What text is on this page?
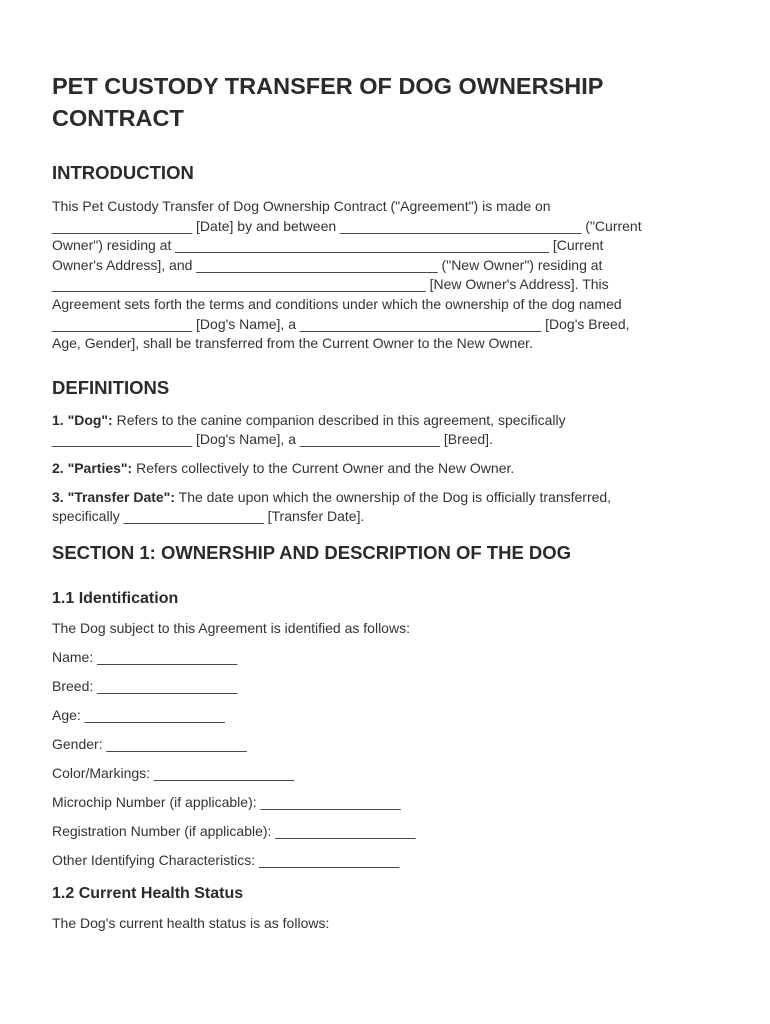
PET CUSTODY TRANSFER OF DOG OWNERSHIP CONTRACT
INTRODUCTION

This Pet Custody Transfer of Dog Ownership Contract ("Agreement") is made on
__________________ [Date] by and between _______________________________ ("Current
Owner") residing at ________________________________________________ [Current
Owner's Address], and _______________________________ ("New Owner") residing at
________________________________________________ [New Owner's Address]. This
Agreement sets forth the terms and conditions under which the ownership of the dog named
__________________ [Dog's Name], a _______________________________ [Dog's Breed,
Age, Gender], shall be transferred from the Current Owner to the New Owner.

DEFINITIONS

1. "Dog": Refers to the canine companion described in this agreement, specifically
__________________ [Dog's Name], a __________________ [Breed].

2. "Parties": Refers collectively to the Current Owner and the New Owner.

3. "Transfer Date": The date upon which the ownership of the Dog is officially transferred,
specifically __________________ [Transfer Date].

SECTION 1: OWNERSHIP AND DESCRIPTION OF THE DOG
1.1 Identification

The Dog subject to this Agreement is identified as follows:

Name: __________________

Breed: __________________

Age: __________________

Gender: __________________

Color/Markings: __________________

Microchip Number (if applicable): __________________

Registration Number (if applicable): __________________

Other Identifying Characteristics: __________________

1.2 Current Health Status

The Dog's current health status is as follows:
